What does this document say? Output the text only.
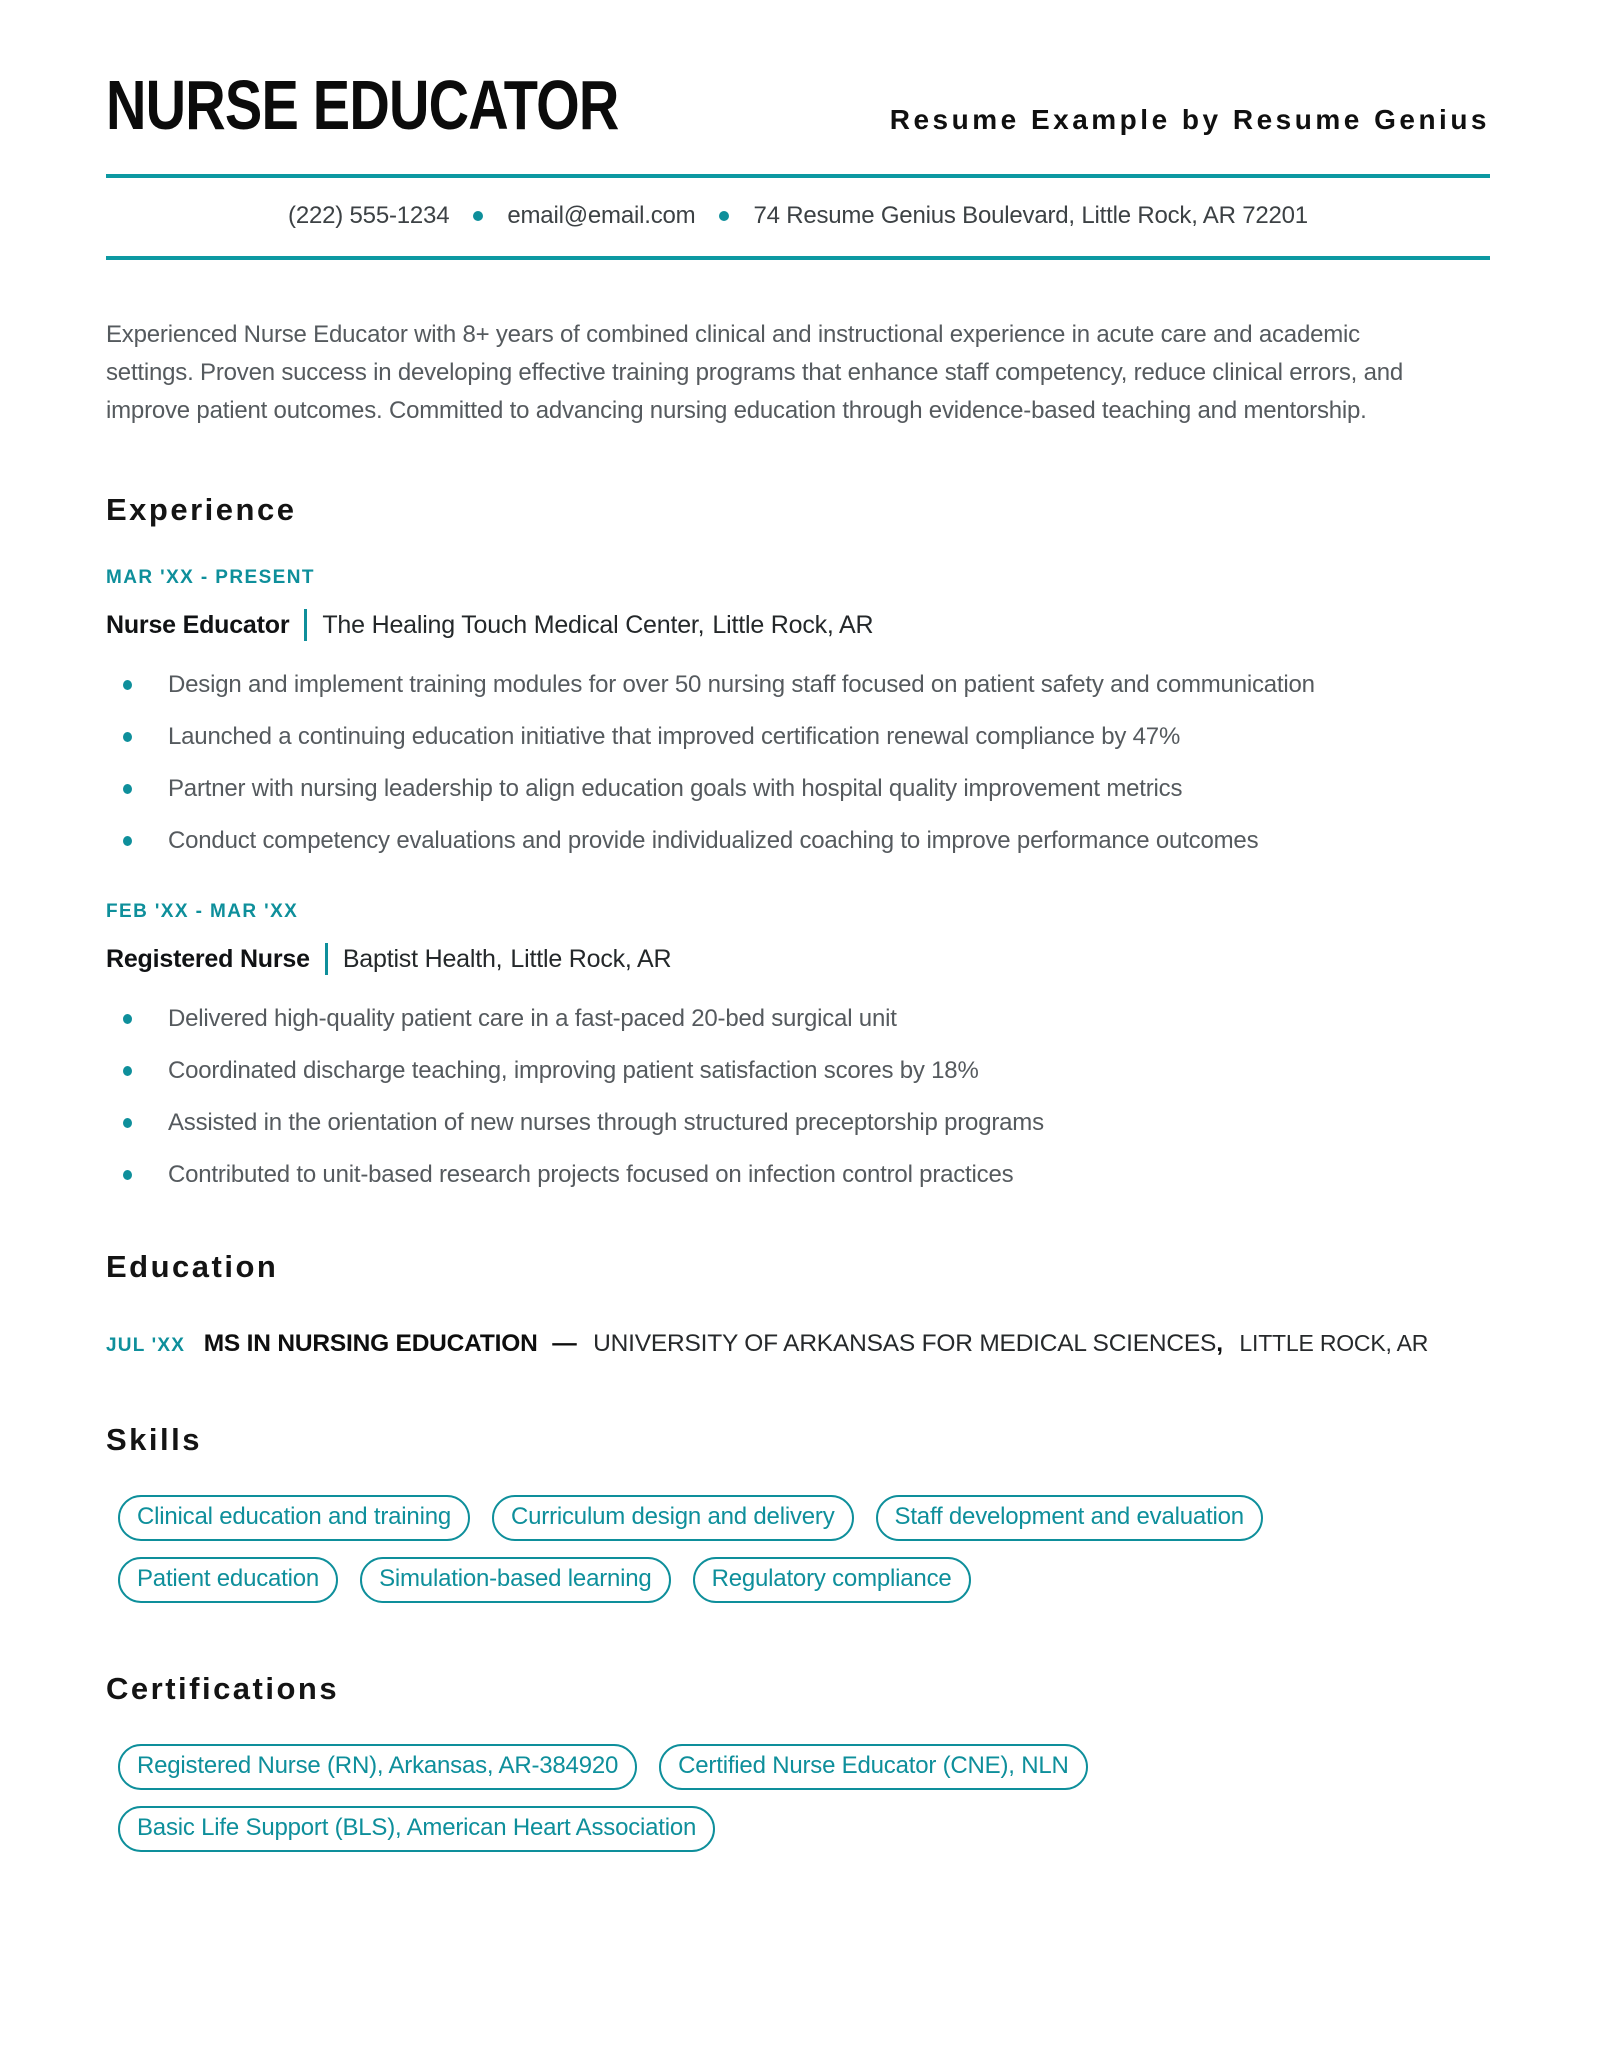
NURSE EDUCATOR	Resume Example by Resume Genius
(222) 555-1234 email@email.com 74 Resume Genius Boulevard, Little Rock, AR 72201

Experienced Nurse Educator with 8+ years of combined clinical and instructional experience in acute care and academic settings. Proven success in developing effective training programs that enhance staff competency, reduce clinical errors, and improve patient outcomes. Committed to advancing nursing education through evidence-based teaching and mentorship.

Experience
MAR 'XX - PRESENT
Nurse Educator The Healing Touch Medical Center, Little Rock, AR
Design and implement training modules for over 50 nursing staff focused on patient safety and communication
Launched a continuing education initiative that improved certification renewal compliance by 47%
Partner with nursing leadership to align education goals with hospital quality improvement metrics
Conduct competency evaluations and provide individualized coaching to improve performance outcomes
FEB 'XX - MAR 'XX
Registered Nurse Baptist Health, Little Rock, AR
Delivered high-quality patient care in a fast-paced 20-bed surgical unit
Coordinated discharge teaching, improving patient satisfaction scores by 18%
Assisted in the orientation of new nurses through structured preceptorship programs
Contributed to unit-based research projects focused on infection control practices
Education
JUL 'XX MS IN NURSING EDUCATION — UNIVERSITY OF ARKANSAS FOR MEDICAL SCIENCES, LITTLE ROCK, AR
Skills
Clinical education and training	Curriculum design and delivery	Staff development and evaluation
Patient education	Simulation-based learning	Regulatory compliance
Certifications
Registered Nurse (RN), Arkansas, AR-384920	Certified Nurse Educator (CNE), NLN
Basic Life Support (BLS), American Heart Association
